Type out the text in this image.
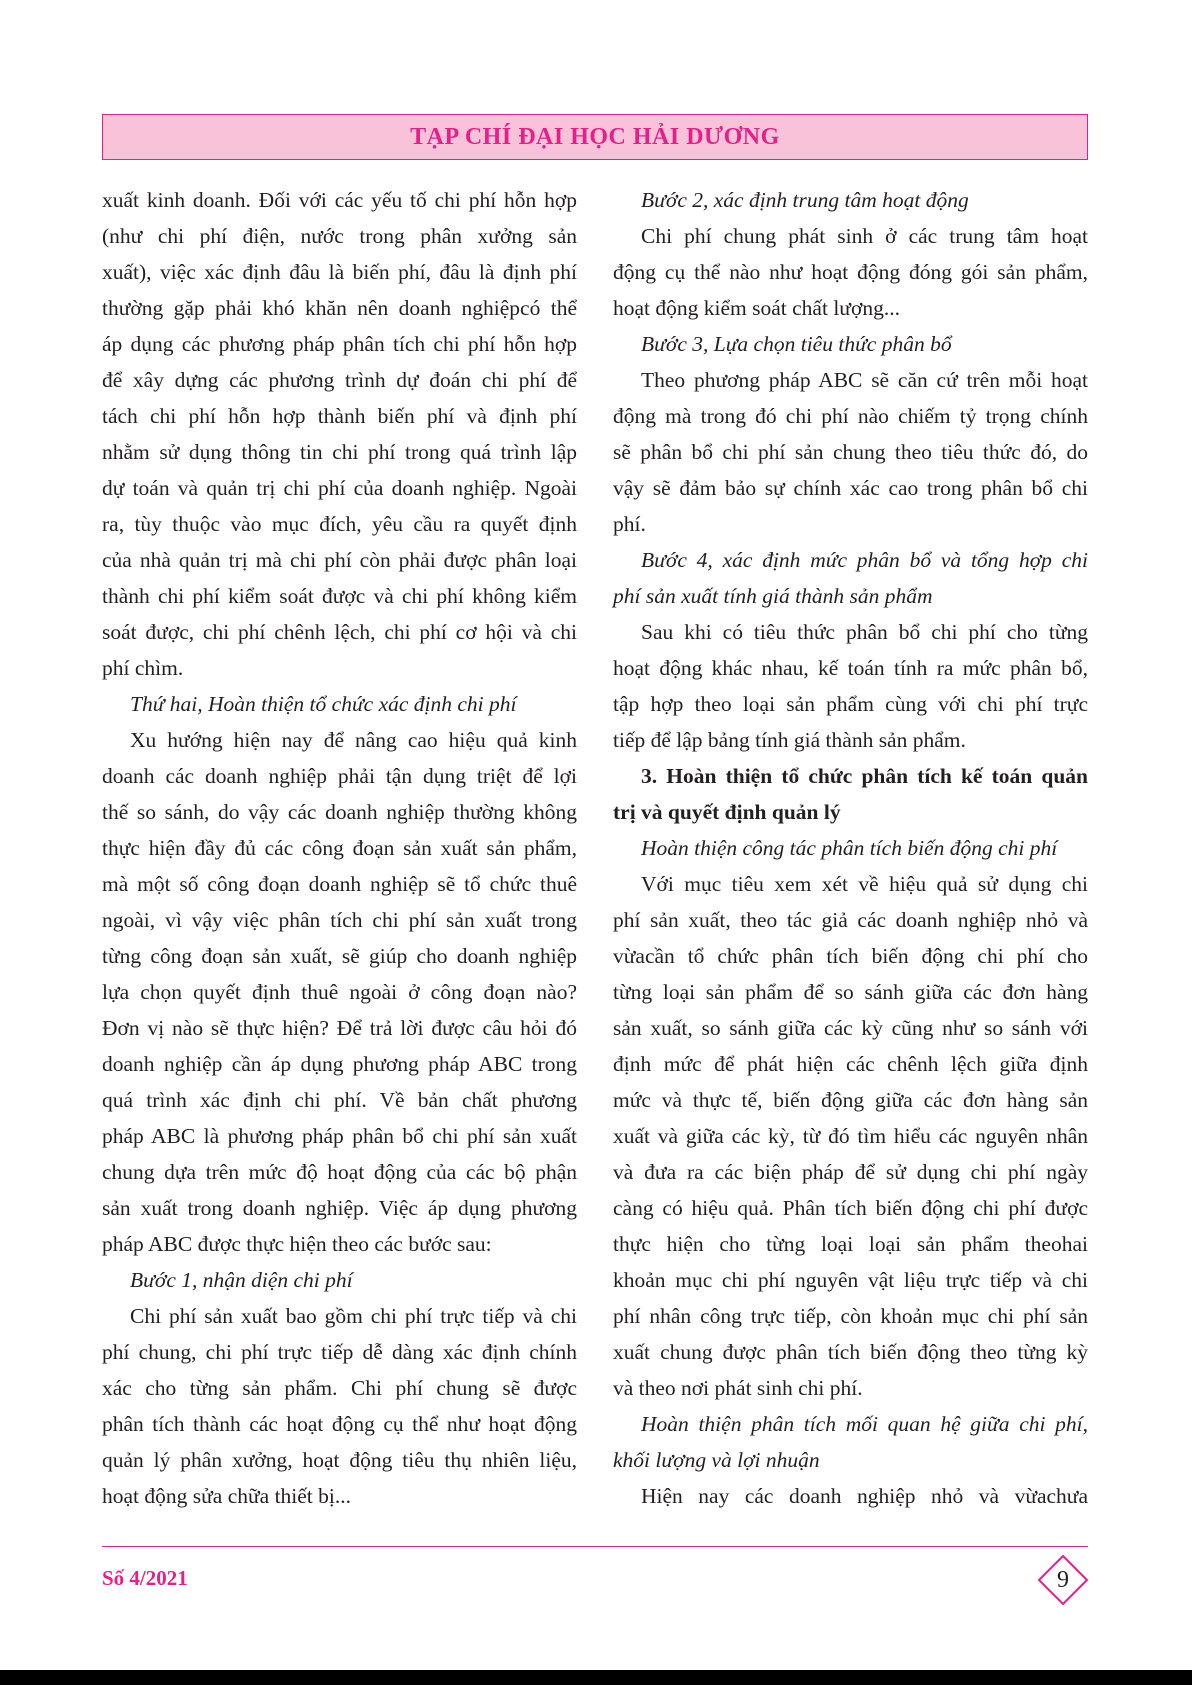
TẠP CHÍ ĐẠI HỌC HẢI DƯƠNG

xuất kinh doanh. Đối với các yếu tố chi phí hỗn hợp

(như chi phí điện, nước trong phân xưởng sản

xuất), việc xác định đâu là biến phí, đâu là định phí

thường gặp phải khó khăn nên doanh nghiệpcó thể

áp dụng các phương pháp phân tích chi phí hỗn hợp

để xây dựng các phương trình dự đoán chi phí để

tách chi phí hỗn hợp thành biến phí và định phí

nhằm sử dụng thông tin chi phí trong quá trình lập

dự toán và quản trị chi phí của doanh nghiệp. Ngoài

ra, tùy thuộc vào mục đích, yêu cầu ra quyết định

của nhà quản trị mà chi phí còn phải được phân loại

thành chi phí kiểm soát được và chi phí không kiểm

soát được, chi phí chênh lệch, chi phí cơ hội và chi

phí chìm.

Thứ hai, Hoàn thiện tổ chức xác định chi phí

Xu hướng hiện nay để nâng cao hiệu quả kinh

doanh các doanh nghiệp phải tận dụng triệt để lợi

thế so sánh, do vậy các doanh nghiệp thường không

thực hiện đầy đủ các công đoạn sản xuất sản phẩm,

mà một số công đoạn doanh nghiệp sẽ tổ chức thuê

ngoài, vì vậy việc phân tích chi phí sản xuất trong

từng công đoạn sản xuất, sẽ giúp cho doanh nghiệp

lựa chọn quyết định thuê ngoài ở công đoạn nào?

Đơn vị nào sẽ thực hiện? Để trả lời được câu hỏi đó

doanh nghiệp cần áp dụng phương pháp ABC trong

quá trình xác định chi phí. Về bản chất phương

pháp ABC là phương pháp phân bổ chi phí sản xuất

chung dựa trên mức độ hoạt động của các bộ phận

sản xuất trong doanh nghiệp. Việc áp dụng phương

pháp ABC được thực hiện theo các bước sau:

Bước 1, nhận diện chi phí

Chi phí sản xuất bao gồm chi phí trực tiếp và chi

phí chung, chi phí trực tiếp dễ dàng xác định chính

xác cho từng sản phẩm. Chi phí chung sẽ được

phân tích thành các hoạt động cụ thể như hoạt động

quản lý phân xưởng, hoạt động tiêu thụ nhiên liệu,

hoạt động sửa chữa thiết bị...

Bước 2, xác định trung tâm hoạt động

Chi phí chung phát sinh ở các trung tâm hoạt

động cụ thể nào như hoạt động đóng gói sản phẩm,

hoạt động kiểm soát chất lượng...

Bước 3, Lựa chọn tiêu thức phân bổ

Theo phương pháp ABC sẽ căn cứ trên mỗi hoạt

động mà trong đó chi phí nào chiếm tỷ trọng chính

sẽ phân bổ chi phí sản chung theo tiêu thức đó, do

vậy sẽ đảm bảo sự chính xác cao trong phân bổ chi

phí.

Bước 4, xác định mức phân bổ và tổng hợp chi

phí sản xuất tính giá thành sản phẩm

Sau khi có tiêu thức phân bổ chi phí cho từng

hoạt động khác nhau, kế toán tính ra mức phân bổ,

tập hợp theo loại sản phẩm cùng với chi phí trực

tiếp để lập bảng tính giá thành sản phẩm.

3. Hoàn thiện tổ chức phân tích kế toán quản

trị và quyết định quản lý

Hoàn thiện công tác phân tích biến động chi phí

Với mục tiêu xem xét về hiệu quả sử dụng chi

phí sản xuất, theo tác giả các doanh nghiệp nhỏ và

vừacần tổ chức phân tích biến động chi phí cho

từng loại sản phẩm để so sánh giữa các đơn hàng

sản xuất, so sánh giữa các kỳ cũng như so sánh với

định mức để phát hiện các chênh lệch giữa định

mức và thực tế, biến động giữa các đơn hàng sản

xuất và giữa các kỳ, từ đó tìm hiểu các nguyên nhân

và đưa ra các biện pháp để sử dụng chi phí ngày

càng có hiệu quả. Phân tích biến động chi phí được

thực hiện cho từng loại loại sản phẩm theohai

khoản mục chi phí nguyên vật liệu trực tiếp và chi

phí nhân công trực tiếp, còn khoản mục chi phí sản

xuất chung được phân tích biến động theo từng kỳ

và theo nơi phát sinh chi phí.

Hoàn thiện phân tích mối quan hệ giữa chi phí,

khối lượng và lợi nhuận

Hiện nay các doanh nghiệp nhỏ và vừachưa

Số 4/2021	9
